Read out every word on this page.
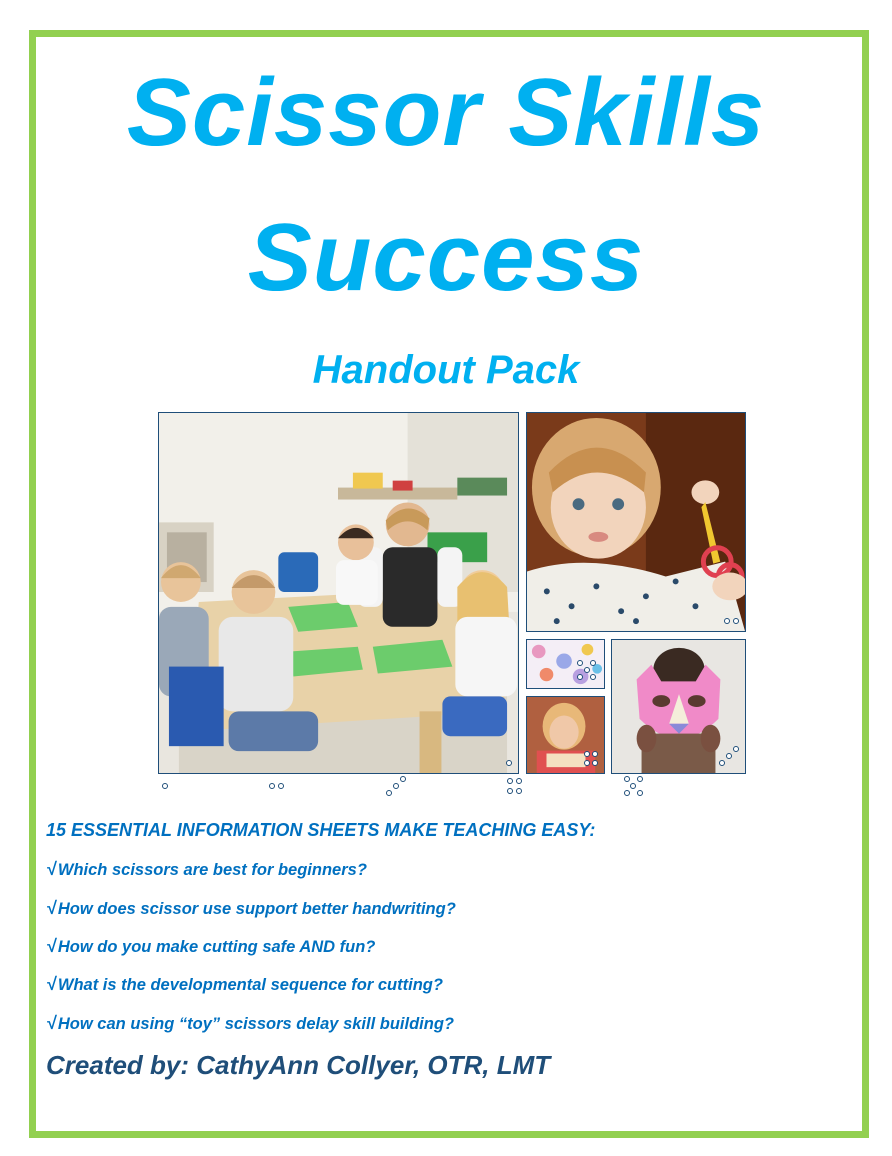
Scissor Skills
Success
Handout Pack
15 ESSENTIAL INFORMATION SHEETS MAKE TEACHING EASY:
√ Which scissors are best for beginners?
√ How does scissor use support better handwriting?
√ How do you make cutting safe AND fun?
√ What is the developmental sequence for cutting?
√ How can using “toy” scissors delay skill building?
Created by: CathyAnn Collyer, OTR, LMT
